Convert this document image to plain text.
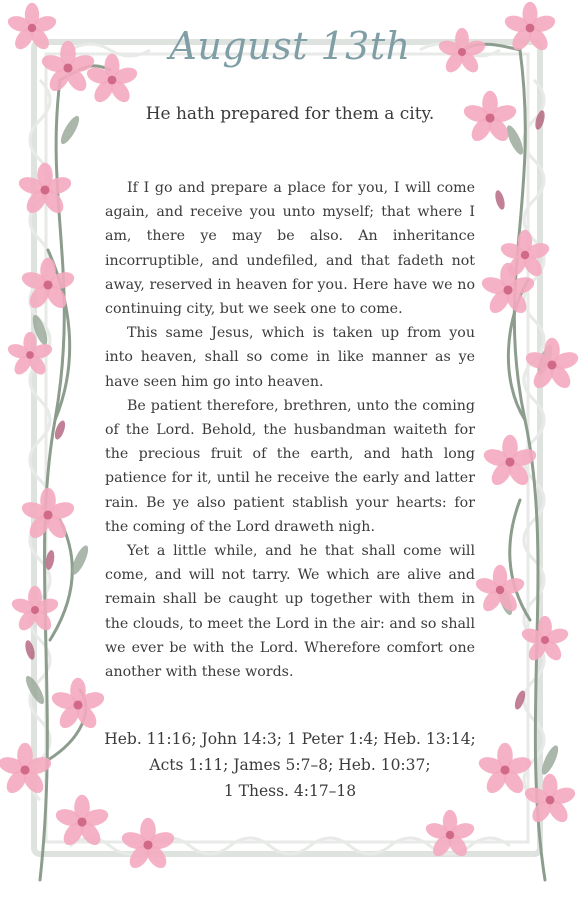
August 13th
He hath prepared for them a city.

If I go and prepare a place for you, I will come again, and receive you unto myself; that where I am, there ye may be also. An inheritance incorruptible, and undefiled, and that fadeth not away, reserved in heaven for you. Here have we no continuing city, but we seek one to come.

This same Jesus, which is taken up from you into heaven, shall so come in like manner as ye have seen him go into heaven.

Be patient therefore, brethren, unto the coming of the Lord. Behold, the husbandman waiteth for the precious fruit of the earth, and hath long patience for it, until he receive the early and latter rain. Be ye also patient stablish your hearts: for the coming of the Lord draweth nigh.

Yet a little while, and he that shall come will come, and will not tarry. We which are alive and remain shall be caught up together with them in the clouds, to meet the Lord in the air: and so shall we ever be with the Lord. Wherefore comfort one another with these words.

Heb. 11:16; John 14:3; 1 Peter 1:4; Heb. 13:14;
Acts 1:11; James 5:7–8; Heb. 10:37;
1 Thess. 4:17–18
